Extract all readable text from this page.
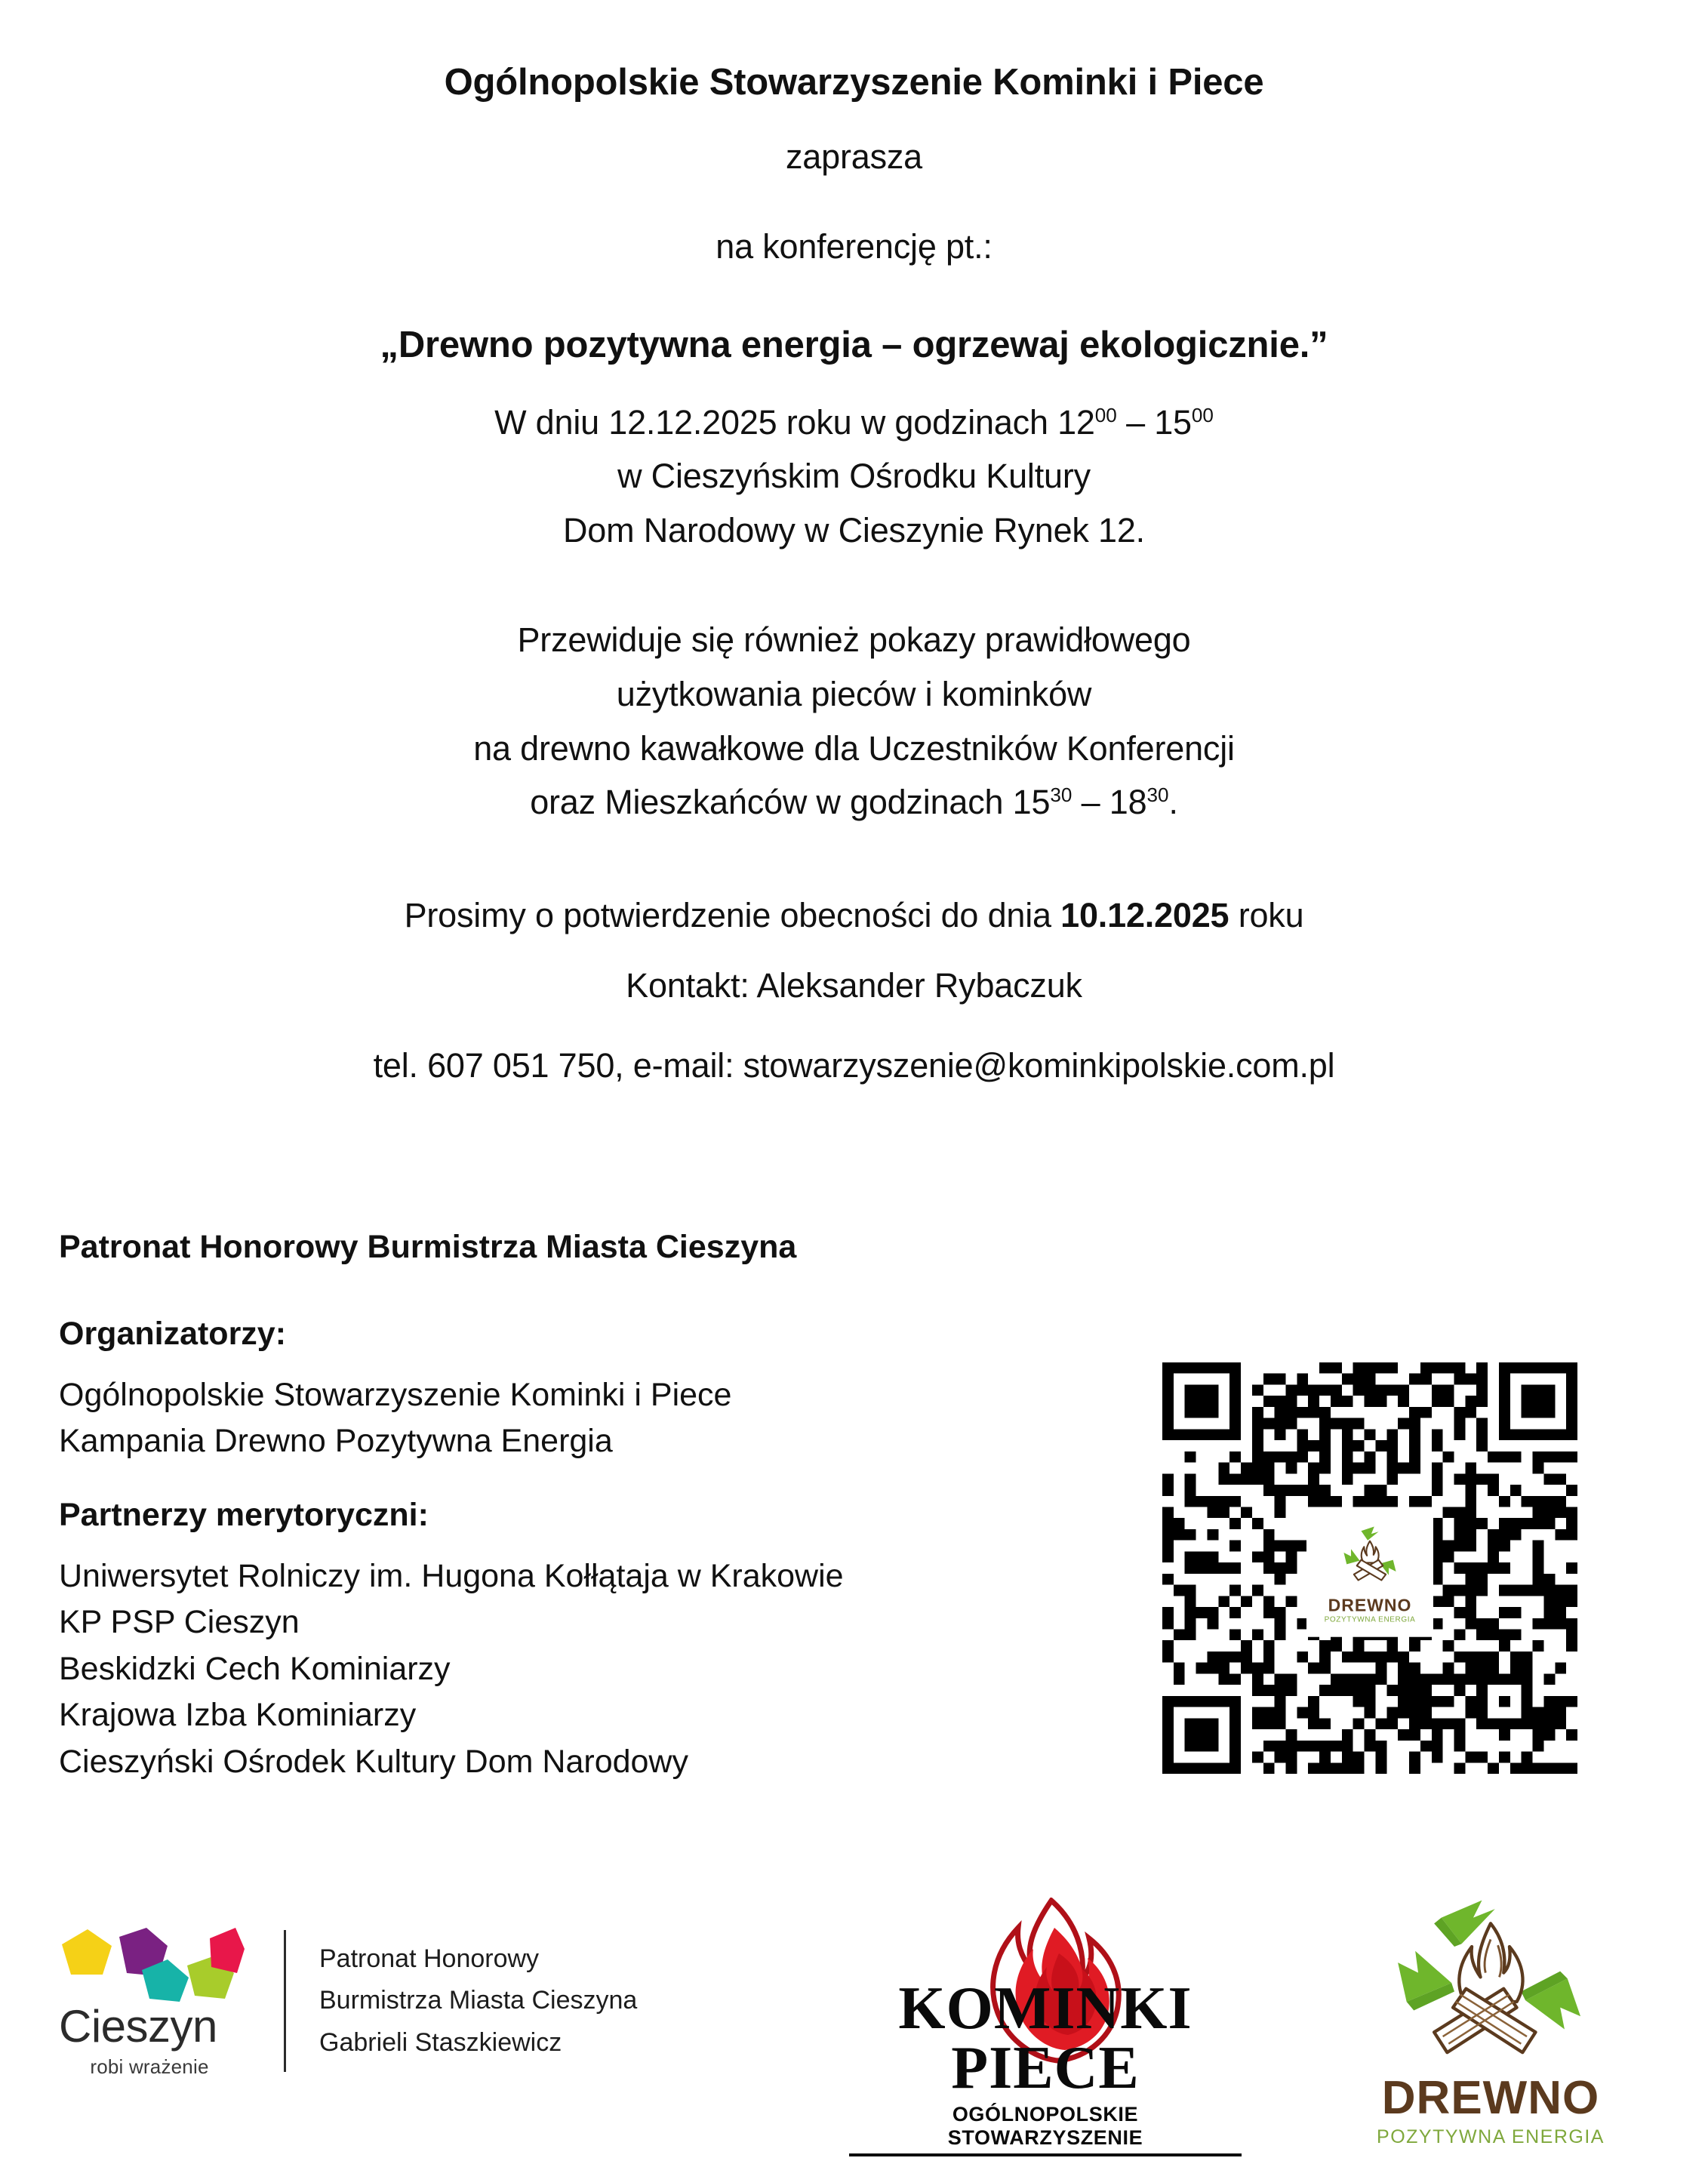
Ogólnopolskie Stowarzyszenie Kominki i Piece
zaprasza
na konferencję pt.:
„Drewno pozytywna energia – ogrzewaj ekologicznie.”
W dniu 12.12.2025 roku w godzinach $12^{00} - 15^{00}$
w Cieszyńskim Ośrodku Kultury
Dom Narodowy w Cieszynie Rynek 12.
Przewiduje się również pokazy prawidłowego
użytkowania pieców i kominków
na drewno kawałkowe dla Uczestników Konferencji
oraz Mieszkańców w godzinach $15^{30} - 18^{30}$.
Prosimy o potwierdzenie obecności do dnia 10.12.2025 roku
Kontakt: Aleksander Rybaczuk
tel. 607 051 750, e-mail: stowarzyszenie@kominkipolskie.com.pl
Patronat Honorowy Burmistrza Miasta Cieszyna
Organizatorzy:
Ogólnopolskie Stowarzyszenie Kominki i Piece
Kampania Drewno Pozytywna Energia
Partnerzy merytoryczni:
Uniwersytet Rolniczy im. Hugona Kołłątaja w Krakowie
KP PSP Cieszyn
Beskidzki Cech Kominiarzy
Krajowa Izba Kominiarzy
Cieszyński Ośrodek Kultury Dom Narodowy
DREWNO
POZYTYWNA ENERGIA
Cieszyn
robi wrażenie
Patronat Honorowy
Burmistrza Miasta Cieszyna
Gabrieli Staszkiewicz
KOMINKI
PIECE
OGÓLNOPOLSKIE STOWARZYSZENIE
DREWNO
POZYTYWNA ENERGIA
